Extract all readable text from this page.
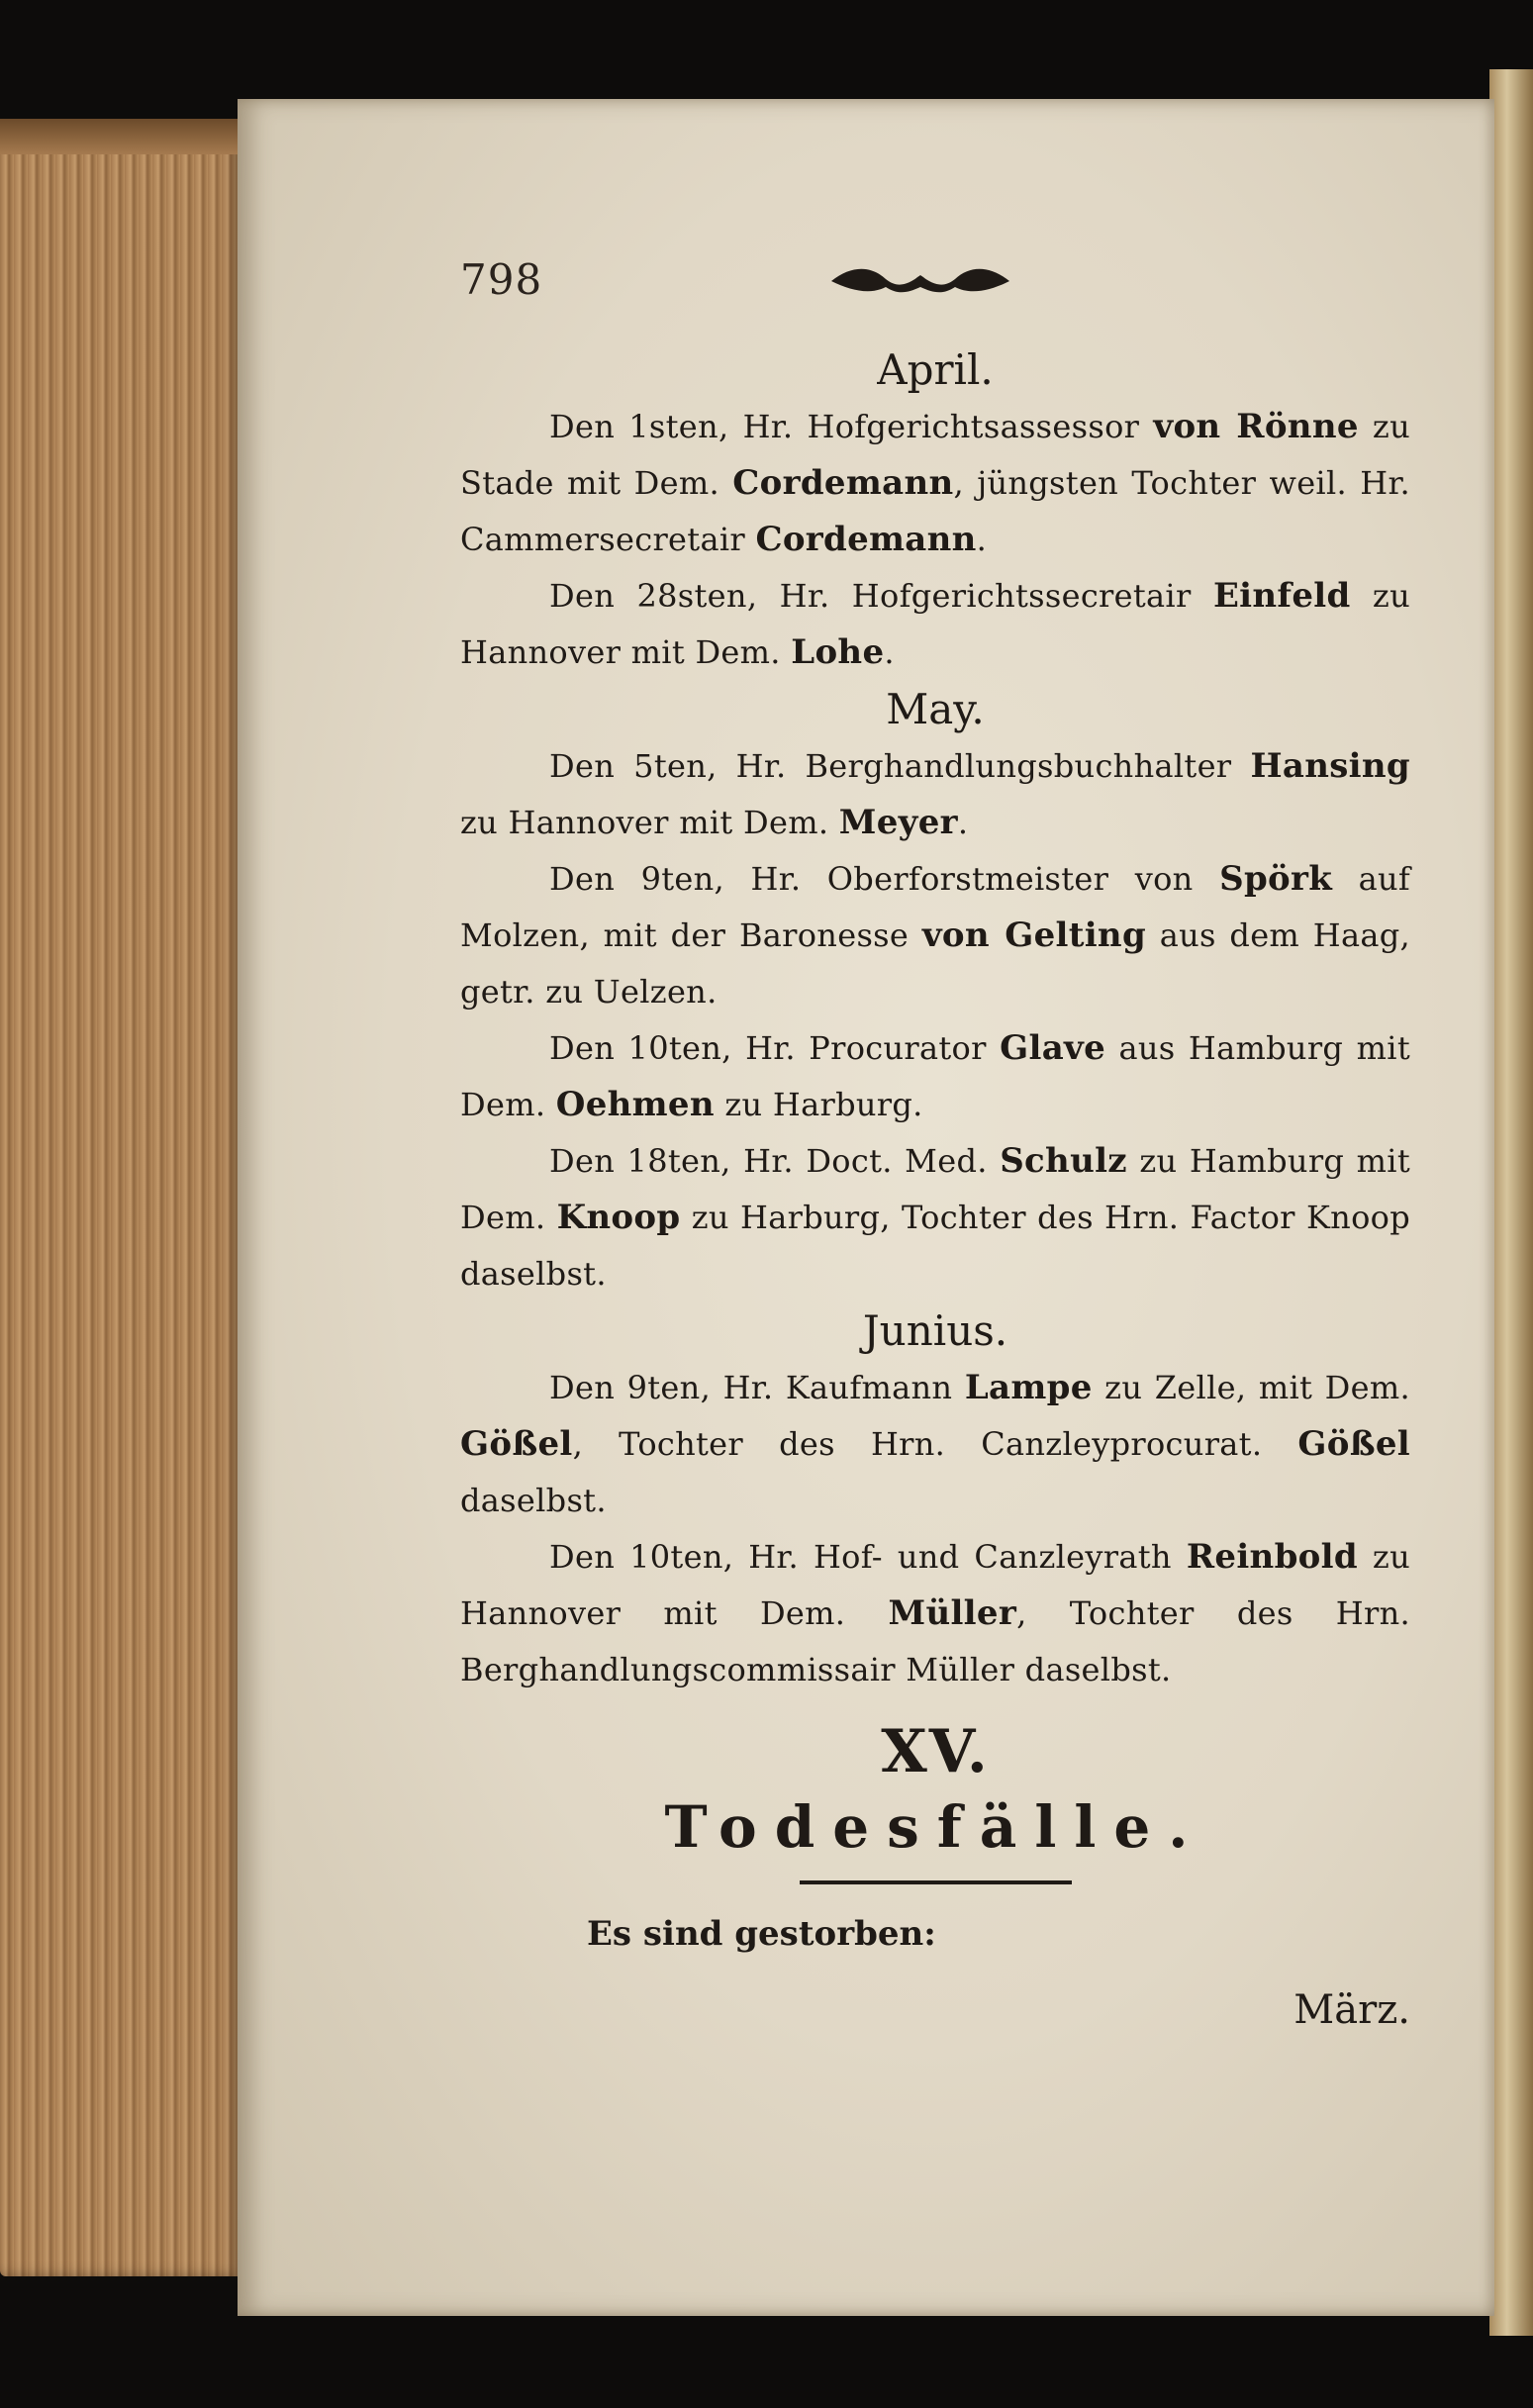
798

April.

Den 1sten, Hr. Hofgerichtsassessor von Rönne zu Stade mit Dem. Cordemann, jüngsten Tochter weil. Hr. Cammersecretair Cordemann.

Den 28sten, Hr. Hofgerichtssecretair Einfeld zu Hannover mit Dem. Lohe.

May.

Den 5ten, Hr. Berghandlungsbuchhalter Hansing zu Hannover mit Dem. Meyer.

Den 9ten, Hr. Oberforstmeister von Spörk auf Molzen, mit der Baronesse von Gelting aus dem Haag, getr. zu Uelzen.

Den 10ten, Hr. Procurator Glave aus Hamburg mit Dem. Oehmen zu Harburg.

Den 18ten, Hr. Doct. Med. Schulz zu Hamburg mit Dem. Knoop zu Harburg, Tochter des Hrn. Factor Knoop daselbst.

Junius.

Den 9ten, Hr. Kaufmann Lampe zu Zelle, mit Dem. Gößel, Tochter des Hrn. Canzleyprocurat. Gößel daselbst.

Den 10ten, Hr. Hof- und Canzleyrath Reinbold zu Hannover mit Dem. Müller, Tochter des Hrn. Berghandlungscommissair Müller daselbst.

XV.
Todesfälle.
Es sind gestorben:
März.
